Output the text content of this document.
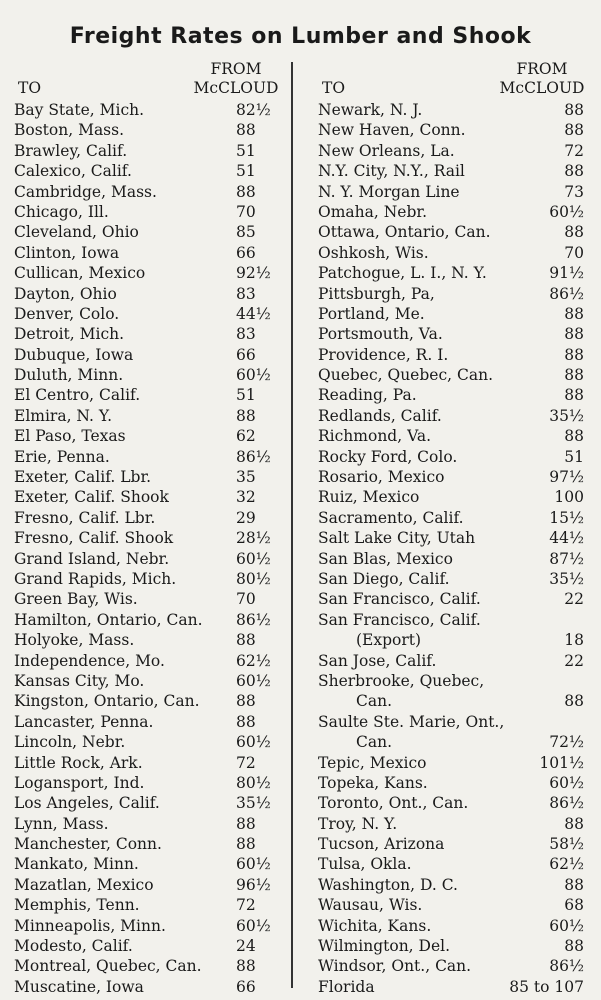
Freight Rates on Lumber and Shook
FROM
McCLOUD
TO
Bay State, Mich.	82½
Boston, Mass.	88
Brawley, Calif.	51
Calexico, Calif.	51
Cambridge, Mass.	88
Chicago, Ill.	70
Cleveland, Ohio	85
Clinton, Iowa	66
Cullican, Mexico	92½
Dayton, Ohio	83
Denver, Colo.	44½
Detroit, Mich.	83
Dubuque, Iowa	66
Duluth, Minn.	60½
El Centro, Calif.	51
Elmira, N. Y.	88
El Paso, Texas	62
Erie, Penna.	86½
Exeter, Calif. Lbr.	35
Exeter, Calif. Shook	32
Fresno, Calif. Lbr.	29
Fresno, Calif. Shook	28½
Grand Island, Nebr.	60½
Grand Rapids, Mich.	80½
Green Bay, Wis.	70
Hamilton, Ontario, Can. 86½
Holyoke, Mass.	88
Independence, Mo.	62½
Kansas City, Mo.	60½
Kingston, Ontario, Can. 88
Lancaster, Penna.	88
Lincoln, Nebr.	60½
Little Rock, Ark.	72
Logansport, Ind.	80½
Los Angeles, Calif.	35½
Lynn, Mass.	88
Manchester, Conn.	88
Mankato, Minn.	60½
Mazatlan, Mexico	96½
Memphis, Tenn.	72
Minneapolis, Minn.	60½
Modesto, Calif.	24
Montreal, Quebec, Can. 88
Muscatine, Iowa	66
FROM
McCLOUD
TO
Newark, N. J.	88
New Haven, Conn.	88
New Orleans, La.	72
N.Y. City, N.Y., Rail	88
N. Y. Morgan Line	73
Omaha, Nebr.	60½
Ottawa, Ontario, Can.	88
Oshkosh, Wis.	70
Patchogue, L. I., N. Y.	91½
Pittsburgh, Pa,	86½
Portland, Me.	88
Portsmouth, Va.	88
Providence, R. I.	88
Quebec, Quebec, Can.	88
Reading, Pa.	88
Redlands, Calif.	35½
Richmond, Va.	88
Rocky Ford, Colo.	51
Rosario, Mexico	97½
Ruiz, Mexico	100
Sacramento, Calif.	15½
Salt Lake City, Utah	44½
San Blas, Mexico	87½
San Diego, Calif.	35½
San Francisco, Calif.	22
San Francisco, Calif.
(Export)	18
San Jose, Calif.	22
Sherbrooke, Quebec,
Can.	88
Saulte Ste. Marie, Ont.,
Can.	72½
Tepic, Mexico	101½
Topeka, Kans.	60½
Toronto, Ont., Can.	86½
Troy, N. Y.	88
Tucson, Arizona	58½
Tulsa, Okla.	62½
Washington, D. C.	88
Wausau, Wis.	68
Wichita, Kans.	60½
Wilmington, Del.	88
Windsor, Ont., Can.	86½
Florida	85 to 107
